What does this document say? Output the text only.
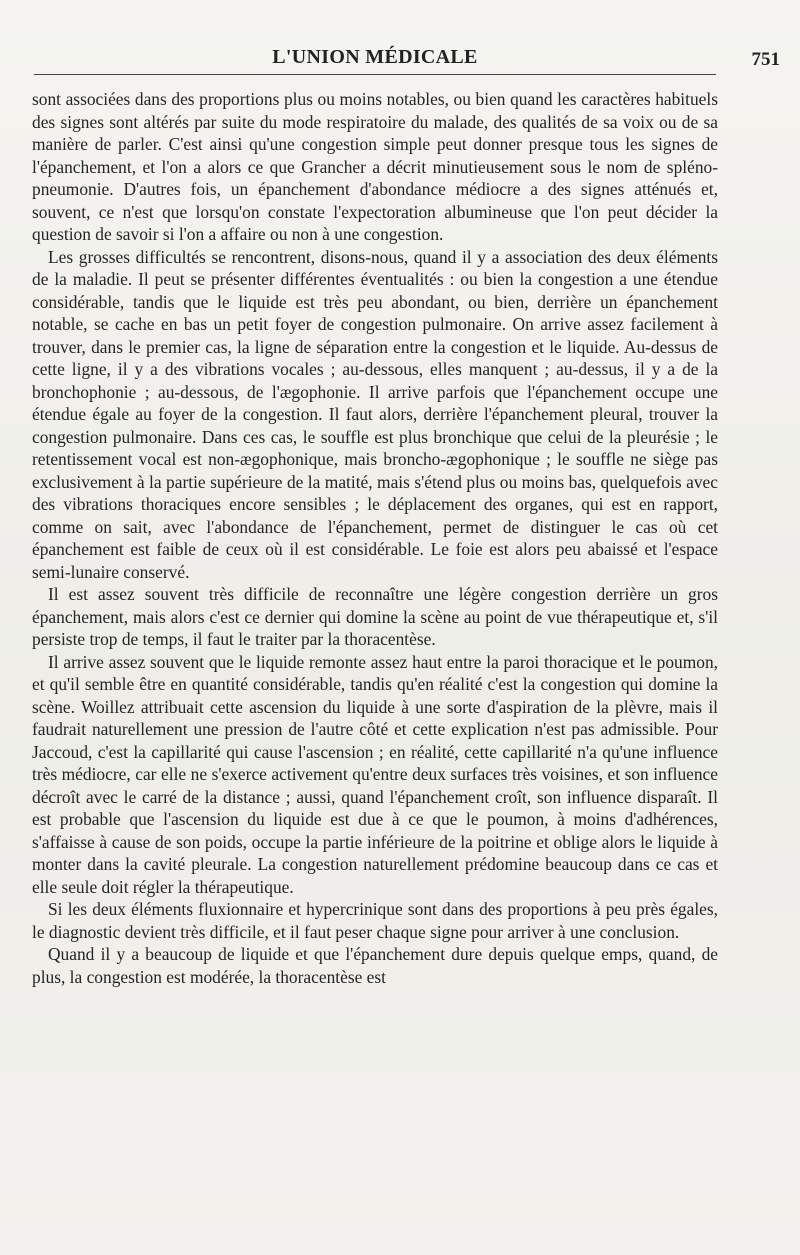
L'UNION MÉDICALE	751

sont associées dans des proportions plus ou moins notables, ou bien quand les caractères habituels des signes sont altérés par suite du mode respiratoire du malade, des qualités de sa voix ou de sa manière de parler. C'est ainsi qu'une congestion simple peut donner presque tous les signes de l'épanchement, et l'on a alors ce que Grancher a décrit minutieusement sous le nom de spléno-pneumonie. D'autres fois, un épanchement d'abondance médiocre a des signes atténués et, souvent, ce n'est que lorsqu'on constate l'expectoration albumineuse que l'on peut décider la question de savoir si l'on a affaire ou non à une congestion.

Les grosses difficultés se rencontrent, disons-nous, quand il y a association des deux éléments de la maladie. Il peut se présenter différentes éventualités : ou bien la congestion a une étendue considérable, tandis que le liquide est très peu abondant, ou bien, derrière un épanchement notable, se cache en bas un petit foyer de congestion pulmonaire. On arrive assez facilement à trouver, dans le premier cas, la ligne de séparation entre la congestion et le liquide. Au-dessus de cette ligne, il y a des vibrations vocales ; au-dessous, elles manquent ; au-dessus, il y a de la bronchophonie ; au-dessous, de l'ægophonie. Il arrive parfois que l'épanchement occupe une étendue égale au foyer de la congestion. Il faut alors, derrière l'épanchement pleural, trouver la congestion pulmonaire. Dans ces cas, le souffle est plus bronchique que celui de la pleurésie ; le retentissement vocal est non-ægophonique, mais broncho-ægophonique ; le souffle ne siège pas exclusivement à la partie supérieure de la matité, mais s'étend plus ou moins bas, quelquefois avec des vibrations thoraciques encore sensibles ; le déplacement des organes, qui est en rapport, comme on sait, avec l'abondance de l'épanchement, permet de distinguer le cas où cet épanchement est faible de ceux où il est considérable. Le foie est alors peu abaissé et l'espace semi-lunaire conservé.

Il est assez souvent très difficile de reconnaître une légère congestion derrière un gros épanchement, mais alors c'est ce dernier qui domine la scène au point de vue thérapeutique et, s'il persiste trop de temps, il faut le traiter par la thoracentèse.

Il arrive assez souvent que le liquide remonte assez haut entre la paroi thoracique et le poumon, et qu'il semble être en quantité considérable, tandis qu'en réalité c'est la congestion qui domine la scène. Woillez attribuait cette ascension du liquide à une sorte d'aspiration de la plèvre, mais il faudrait naturellement une pression de l'autre côté et cette explication n'est pas admissible. Pour Jaccoud, c'est la capillarité qui cause l'ascension ; en réalité, cette capillarité n'a qu'une influence très médiocre, car elle ne s'exerce activement qu'entre deux surfaces très voisines, et son influence décroît avec le carré de la distance ; aussi, quand l'épanchement croît, son influence disparaît. Il est probable que l'ascension du liquide est due à ce que le poumon, à moins d'adhérences, s'affaisse à cause de son poids, occupe la partie inférieure de la poitrine et oblige alors le liquide à monter dans la cavité pleurale. La congestion naturellement prédomine beaucoup dans ce cas et elle seule doit régler la thérapeutique.

Si les deux éléments fluxionnaire et hypercrinique sont dans des proportions à peu près égales, le diagnostic devient très difficile, et il faut peser chaque signe pour arriver à une conclusion.

Quand il y a beaucoup de liquide et que l'épanchement dure depuis quelque emps, quand, de plus, la congestion est modérée, la thoracentèse est
